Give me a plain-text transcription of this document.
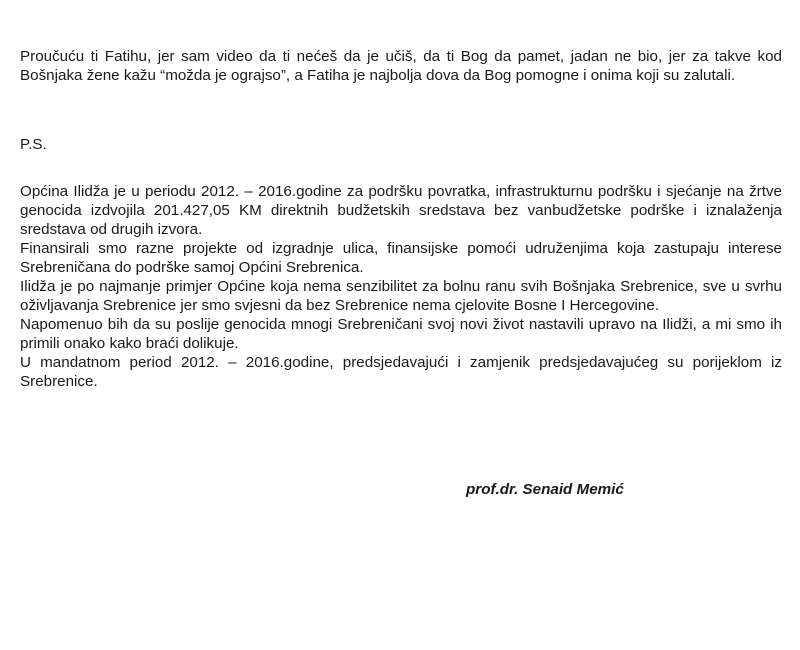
Proučuću ti Fatihu, jer sam video da ti nećeš da je učiš, da ti Bog da pamet, jadan ne bio, jer za takve kod Bošnjaka žene kažu “možda je ograjso”, a Fatiha je najbolja dova da Bog pomogne i onima koji su zalutali.

P.S.

Općina Ilidža je u periodu 2012. – 2016.godine za podršku povratka, infrastrukturnu podršku i sjećanje na žrtve genocida izdvojila 201.427,05 KM direktnih budžetskih sredstava bez vanbudžetske podrške i iznalaženja sredstava od drugih izvora.

Finansirali smo razne projekte od izgradnje ulica, finansijske pomoći udruženjima koja zastupaju interese Srebreničana do podrške samoj Općini Srebrenica.

Ilidža je po najmanje primjer Općine koja nema senzibilitet za bolnu ranu svih Bošnjaka Srebrenice, sve u svrhu oživljavanja Srebrenice jer smo svjesni da bez Srebrenice nema cjelovite Bosne I Hercegovine.

Napomenuo bih da su poslije genocida mnogi Srebreničani svoj novi život nastavili upravo na Ilidži, a mi smo ih primili onako kako braći dolikuje.

U mandatnom period 2012. – 2016.godine, predsjedavajući i zamjenik predsjedavajućeg su porijeklom iz Srebrenice.

prof.dr. Senaid Memić
